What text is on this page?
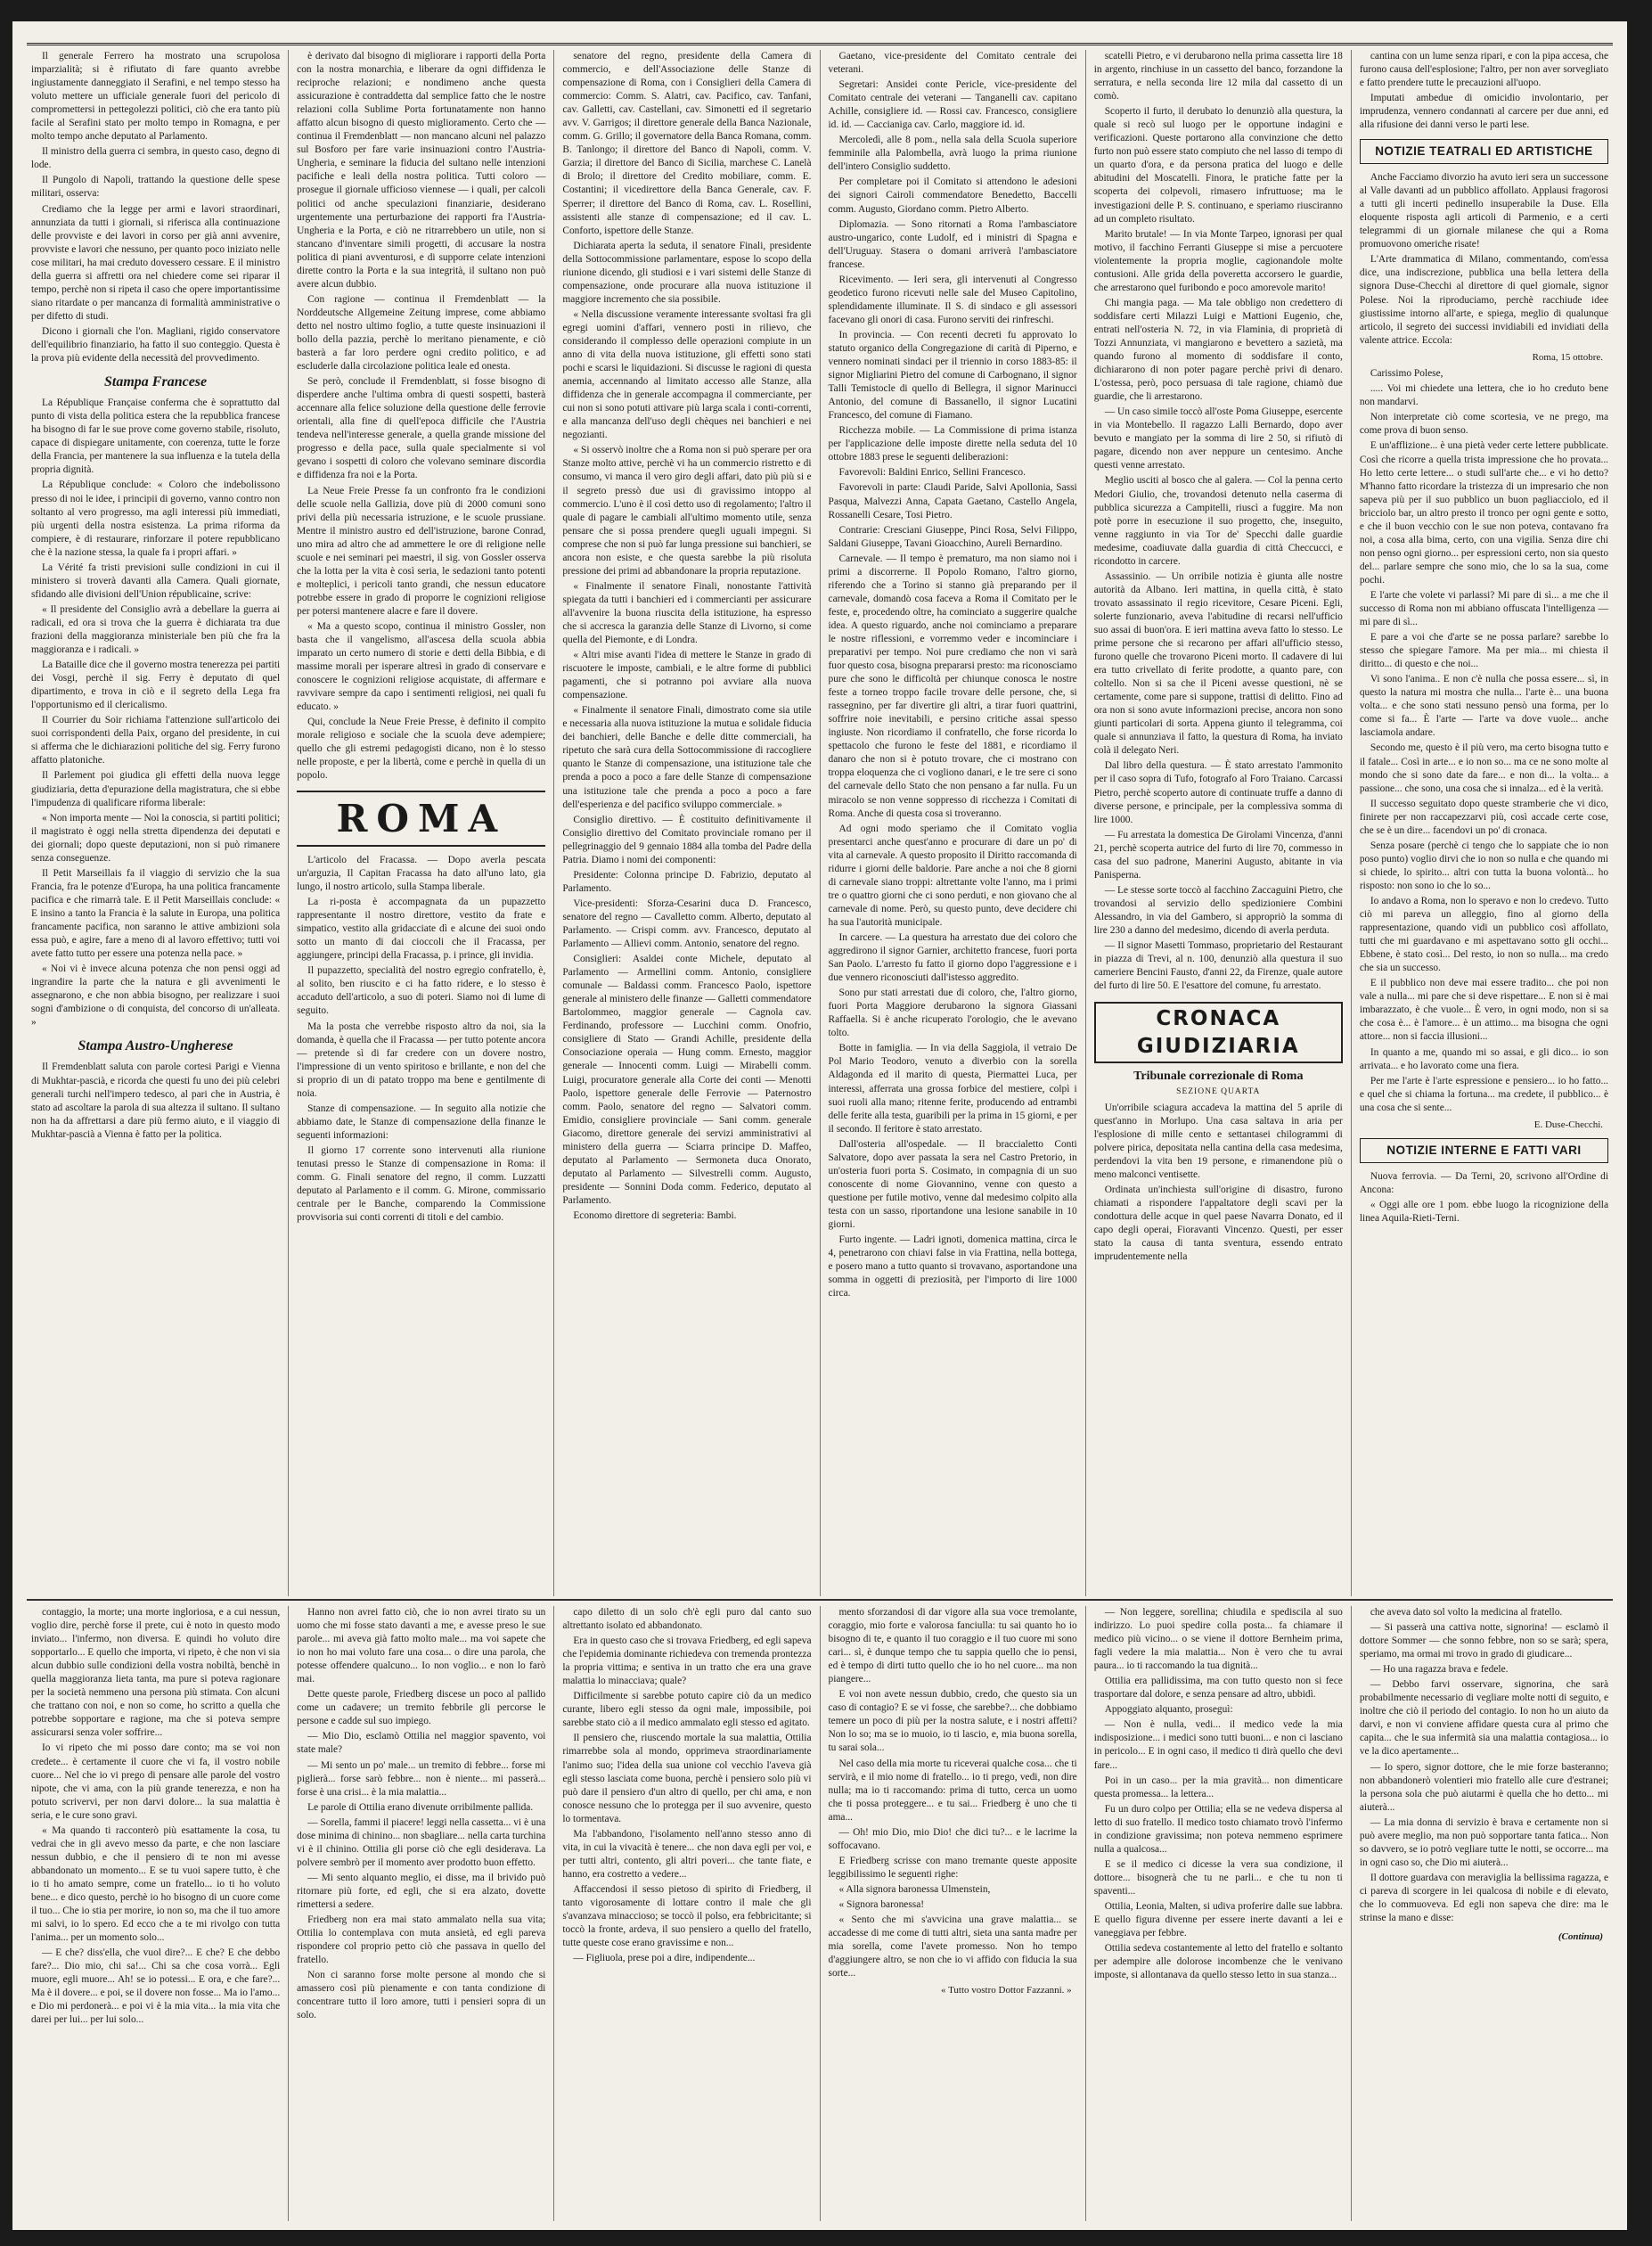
Il generale Ferrero ha mostrato una scrupolosa imparzialità; si è rifiutato di fare quanto avrebbe ingiustamente danneggiato il Serafini, e nel tempo stesso ha voluto mettere un ufficiale generale fuori del pericolo di compromettersi in pettegolezzi politici, ciò che era tanto più facile al Serafini stato per molto tempo in Romagna, e per molto tempo anche deputato al Parlamento.

Il ministro della guerra ci sembra, in questo caso, degno di lode.

Il Pungolo di Napoli, trattando la questione delle spese militari, osserva:

Crediamo che la legge per armi e lavori straordinari, annunziata da tutti i giornali, si riferisca alla continuazione delle provviste e dei lavori in corso per già anni avvenire, provviste e lavori che nessuno, per quanto poco iniziato nelle cose militari, ha mai creduto dovessero cessare. E il ministro della guerra si affretti ora nel chiedere come sei riparar il tempo, perchè non si ripeta il caso che opere importantissime siano ritardate o per mancanza di formalità amministrative o per difetto di studi.

Dicono i giornali che l'on. Magliani, rigido conservatore dell'equilibrio finanziario, ha fatto il suo conteggio. Questa è la prova più evidente della necessità del provvedimento.

Stampa Francese

La République Française conferma che è soprattutto dal punto di vista della politica estera che la repubblica francese ha bisogno di far le sue prove come governo stabile, risoluto, capace di dispiegare unitamente, con coerenza, tutte le forze della Francia, per mantenere la sua influenza e la tutela della propria dignità.

La République conclude: « Coloro che indebolissono presso di noi le idee, i principii di governo, vanno contro non soltanto al vero progresso, ma agli interessi più immediati, più urgenti della nostra esistenza. La prima riforma da compiere, è di restaurare, rinforzare il potere repubblicano che è la nazione stessa, la quale fa i propri affari. »

La Vérité fa tristi previsioni sulle condizioni in cui il ministero si troverà davanti alla Camera. Quali giornate, sfidando alle divisioni dell'Union républicaine, scrive:

« Il presidente del Consiglio avrà a debellare la guerra ai radicali, ed ora si trova che la guerra è dichiarata tra due frazioni della maggioranza ministeriale ben più che fra la maggioranza e i radicali. »

La Bataille dice che il governo mostra tenerezza pei partiti dei Vosgi, perchè il sig. Ferry è deputato di quel dipartimento, e trova in ciò e il segreto della Lega fra l'opportunismo ed il clericalismo.

Il Courrier du Soir richiama l'attenzione sull'articolo dei suoi corrispondenti della Paix, organo del presidente, in cui si afferma che le dichiarazioni politiche del sig. Ferry furono affatto platoniche.

Il Parlement poi giudica gli effetti della nuova legge giudiziaria, detta d'epurazione della magistratura, che si ebbe l'impudenza di qualificare riforma liberale:

« Non importa mente — Noi la conoscia, si partiti politici; il magistrato è oggi nella stretta dipendenza dei deputati e dei giornali; dopo queste deputazioni, non si può rimanere senza conseguenze.

Il Petit Marseillais fa il viaggio di servizio che la sua Francia, fra le potenze d'Europa, ha una politica francamente pacifica e che rimarrà tale. E il Petit Marseillais conclude: « E insino a tanto la Francia è la salute in Europa, una politica francamente pacifica, non saranno le attive ambizioni sola essa può, e agire, fare a meno di al lavoro effettivo; tutti voi avete fatto tutto per essere una potenza nella pace. »

« Noi vi è invece alcuna potenza che non pensi oggi ad ingrandire la parte che la natura e gli avvenimenti le assegnarono, e che non abbia bisogno, per realizzare i suoi sogni d'ambizione o di conquista, del concorso di un'alleata. »

Stampa Austro-Ungherese

Il Fremdenblatt saluta con parole cortesi Parigi e Vienna di Mukhtar-pascià, e ricorda che questi fu uno dei più celebri generali turchi nell'impero tedesco, al pari che in Austria, è stato ad ascoltare la parola di sua altezza il sultano. Il sultano non ha da affrettarsi a dare più fermo aiuto, e il viaggio di Mukhtar-pascià a Vienna è fatto per la politica.

è derivato dal bisogno di migliorare i rapporti della Porta con la nostra monarchia, e liberare da ogni diffidenza le reciproche relazioni; e nondimeno anche questa assicurazione è contraddetta dal semplice fatto che le nostre relazioni colla Sublime Porta fortunatamente non hanno affatto alcun bisogno di questo miglioramento. Certo che — continua il Fremdenblatt — non mancano alcuni nel palazzo sul Bosforo per fare varie insinuazioni contro l'Austria-Ungheria, e seminare la fiducia del sultano nelle intenzioni pacifiche e leali della nostra politica. Tutti coloro — prosegue il giornale ufficioso viennese — i quali, per calcoli politici od anche speculazioni finanziarie, desiderano urgentemente una perturbazione dei rapporti fra l'Austria-Ungheria e la Porta, e ciò ne ritrarrebbero un utile, non si stancano d'inventare simili progetti, di accusare la nostra politica di piani avventurosi, e di supporre celate intenzioni dirette contro la Porta e la sua integrità, il sultano non può avere alcun dubbio.

Con ragione — continua il Fremdenblatt — la Norddeutsche Allgemeine Zeitung imprese, come abbiamo detto nel nostro ultimo foglio, a tutte queste insinuazioni il bollo della pazzia, perchè lo meritano pienamente, e ciò basterà a far loro perdere ogni credito politico, e ad escluderle dalla circolazione politica leale ed onesta.

Se però, conclude il Fremdenblatt, si fosse bisogno di disperdere anche l'ultima ombra di questi sospetti, basterà accennare alla felice soluzione della questione delle ferrovie orientali, alla fine di quell'epoca difficile che l'Austria tendeva nell'interesse generale, a quella grande missione del progresso e della pace, sulla quale specialmente si vol gevano i sospetti di coloro che volevano seminare discordia e diffidenza fra noi e la Porta.

La Neue Freie Presse fa un confronto fra le condizioni delle scuole nella Gallizia, dove più di 2000 comuni sono privi della più necessaria istruzione, e le scuole prussiane. Mentre il ministro austro ed dell'istruzione, barone Conrad, uno mira ad altro che ad ammettere le ore di religione nelle scuole e nei seminari pei maestri, il sig. von Gossler osserva che la lotta per la vita è così seria, le sedazioni tanto potenti e molteplici, i pericoli tanto grandi, che nessun educatore potrebbe essere in grado di proporre le cognizioni religiose per potersi mantenere alacre e fare il dovere.

« Ma a questo scopo, continua il ministro Gossler, non basta che il vangelismo, all'ascesa della scuola abbia imparato un certo numero di storie e detti della Bibbia, e di massime morali per isperare altresì in grado di conservare e conoscere le cognizioni religiose acquistate, di affermare e ravvivare sempre da capo i sentimenti religiosi, nei quali fu educato. »

Qui, conclude la Neue Freie Presse, è definito il compito morale religioso e sociale che la scuola deve adempiere; quello che gli estremi pedagogisti dicano, non è lo stesso nelle proposte, e per la libertà, come e perchè in quella di un popolo.

ROMA

L'articolo del Fracassa. — Dopo averla pescata un'arguzia, Il Capitan Fracassa ha dato all'uno lato, gia lungo, il nostro articolo, sulla Stampa liberale.

La ri-posta è accompagnata da un pupazzetto rappresentante il nostro direttore, vestito da frate e simpatico, vestito alla gridacciate dì e alcune dei suoi ondo sotto un manto di dai cioccoli che il Fracassa, per aggiungere, principi della Fracassa, p. i prince, gli invidia.

Il pupazzetto, specialità del nostro egregio confratello, è, al solito, ben riuscito e ci ha fatto ridere, e lo stesso è accaduto dell'articolo, a suo di poteri. Siamo noi di lume di seguito.

Ma la posta che verrebbe risposto altro da noi, sia la domanda, è quella che il Fracassa — per tutto potente ancora — pretende sì di far credere con un dovere nostro, l'impressione di un vento spiritoso e brillante, e non del che si proprio di un di patato troppo ma bene e gentilmente di noia.

Stanze di compensazione. — In seguito alla notizie che abbiamo date, le Stanze di compensazione della finanze le seguenti informazioni:

Il giorno 17 corrente sono intervenuti alla riunione tenutasi presso le Stanze di compensazione in Roma: il comm. G. Finali senatore del regno, il comm. Luzzatti deputato al Parlamento e il comm. G. Mirone, commissario centrale per le Banche, comparendo la Commissione provvisoria sui conti correnti di titoli e del cambio.

senatore del regno, presidente della Camera di commercio, e dell'Associazione delle Stanze di compensazione di Roma, con i Consiglieri della Camera di commercio: Comm. S. Alatri, cav. Pacifico, cav. Tanfani, cav. Galletti, cav. Castellani, cav. Simonetti ed il segretario avv. V. Garrigos; il direttore generale della Banca Nazionale, comm. G. Grillo; il governatore della Banca Romana, comm. B. Tanlongo; il direttore del Banco di Napoli, comm. V. Garzia; il direttore del Banco di Sicilia, marchese C. Lanelà di Brolo; il direttore del Credito mobiliare, comm. E. Costantini; il vicedirettore della Banca Generale, cav. F. Sperrer; il direttore del Banco di Roma, cav. L. Rosellini, assistenti alle stanze di compensazione; ed il cav. L. Conforto, ispettore delle Stanze.

Dichiarata aperta la seduta, il senatore Finali, presidente della Sottocommissione parlamentare, espose lo scopo della riunione dicendo, gli studiosi e i vari sistemi delle Stanze di compensazione, onde procurare alla nuova istituzione il maggiore incremento che sia possibile.

« Nella discussione veramente interessante svoltasi fra gli egregi uomini d'affari, vennero posti in rilievo, che considerando il complesso delle operazioni compiute in un anno di vita della nuova istituzione, gli effetti sono stati pochi e scarsi le liquidazioni. Si discusse le ragioni di questa anemia, accennando al limitato accesso alle Stanze, alla diffidenza che in generale accompagna il commerciante, per cui non si sono potuti attivare più larga scala i conti-correnti, e alla mancanza dell'uso degli chèques nei banchieri e nei negozianti.

« Si osservò inoltre che a Roma non si può sperare per ora Stanze molto attive, perchè vi ha un commercio ristretto e di consumo, vi manca il vero giro degli affari, dato più più si e il segreto pressò due usi di gravissimo intoppo al commercio. L'uno è il così detto uso di regolamento; l'altro il quale di pagare le cambiali all'ultimo momento utile, senza pensare che si possa prendere quegli uguali impegni. Si comprese che non si può far lunga pressione sui banchieri, se ancora non esiste, e che questa sarebbe la più risoluta pressione dei primi ad abbandonare la propria reputazione.

« Finalmente il senatore Finali, nonostante l'attività spiegata da tutti i banchieri ed i commercianti per assicurare all'avvenire la buona riuscita della istituzione, ha espresso che si accresca la garanzia delle Stanze di Livorno, si come quella del Piemonte, e di Londra.

« Altri mise avanti l'idea di mettere le Stanze in grado di riscuotere le imposte, cambiali, e le altre forme di pubblici pagamenti, che si potranno poi avviare alla nuova compensazione.

« Finalmente il senatore Finali, dimostrato come sia utile e necessaria alla nuova istituzione la mutua e solidale fiducia dei banchieri, delle Banche e delle ditte commerciali, ha ripetuto che sarà cura della Sottocommissione di raccogliere quanto le Stanze di compensazione, una istituzione tale che prenda a poco a poco a fare delle Stanze di compensazione una istituzione tale che prenda a poco a poco a fare dell'esperienza e del pacifico sviluppo commerciale. »

Consiglio direttivo. — È costituito definitivamente il Consiglio direttivo del Comitato provinciale romano per il pellegrinaggio del 9 gennaio 1884 alla tomba del Padre della Patria. Diamo i nomi dei componenti:

Presidente: Colonna principe D. Fabrizio, deputato al Parlamento.

Vice-presidenti: Sforza-Cesarini duca D. Francesco, senatore del regno — Cavalletto comm. Alberto, deputato al Parlamento. — Crispi comm. avv. Francesco, deputato al Parlamento — Allievi comm. Antonio, senatore del regno.

Consiglieri: Asaldei conte Michele, deputato al Parlamento — Armellini comm. Antonio, consigliere comunale — Baldassi comm. Francesco Paolo, ispettore generale al ministero delle finanze — Galletti commendatore Bartolommeo, maggior generale — Cagnola cav. Ferdinando, professore — Lucchini comm. Onofrio, consigliere di Stato — Grandi Achille, presidente della Consociazione operaia — Hung comm. Ernesto, maggior generale — Innocenti comm. Luigi — Mirabelli comm. Luigi, procuratore generale alla Corte dei conti — Menotti Paolo, ispettore generale delle Ferrovie — Paternostro comm. Paolo, senatore del regno — Salvatori comm. Emidio, consigliere provinciale — Sani comm. generale Giacomo, direttore generale dei servizi amministrativi al ministero della guerra — Sciarra principe D. Maffeo, deputato al Parlamento — Sermoneta duca Onorato, deputato al Parlamento — Silvestrelli comm. Augusto, presidente — Sonnini Doda comm. Federico, deputato al Parlamento.

Economo direttore di segreteria: Bambi.

Gaetano, vice-presidente del Comitato centrale dei veterani.

Segretari: Ansidei conte Pericle, vice-presidente del Comitato centrale dei veterani — Tanganelli cav. capitano Achille, consigliere id. — Rossi cav. Francesco, consigliere id. id. — Caccianiga cav. Carlo, maggiore id. id.

Mercoledì, alle 8 pom., nella sala della Scuola superiore femminile alla Palombella, avrà luogo la prima riunione dell'intero Consiglio suddetto.

Per completare poi il Comitato si attendono le adesioni dei signori Cairoli commendatore Benedetto, Baccelli comm. Augusto, Giordano comm. Pietro Alberto.

Diplomazia. — Sono ritornati a Roma l'ambasciatore austro-ungarico, conte Ludolf, ed i ministri di Spagna e dell'Uruguay. Stasera o domani arriverà l'ambasciatore francese.

Ricevimento. — Ieri sera, gli intervenuti al Congresso geodetico furono ricevuti nelle sale del Museo Capitolino, splendidamente illuminate. Il S. di sindaco e gli assessori facevano gli onori di casa. Furono serviti dei rinfreschi.

In provincia. — Con recenti decreti fu approvato lo statuto organico della Congregazione di carità di Piperno, e vennero nominati sindaci per il triennio in corso 1883-85: il signor Migliarini Pietro del comune di Carbognano, il signor Talli Temistocle di quello di Bellegra, il signor Marinucci Antonio, del comune di Bassanello, il signor Lucatini Francesco, del comune di Fiamano.

Ricchezza mobile. — La Commissione di prima istanza per l'applicazione delle imposte dirette nella seduta del 10 ottobre 1883 prese le seguenti deliberazioni:

Favorevoli: Baldini Enrico, Sellini Francesco.

Favorevoli in parte: Claudi Paride, Salvi Apollonia, Sassi Pasqua, Malvezzi Anna, Capata Gaetano, Castello Angela, Rossanelli Cesare, Tosi Pietro.

Contrarie: Cresciani Giuseppe, Pinci Rosa, Selvi Filippo, Saldani Giuseppe, Tavani Gioacchino, Aureli Bernardino.

Carnevale. — Il tempo è prematuro, ma non siamo noi i primi a discorrerne. Il Popolo Romano, l'altro giorno, riferendo che a Torino si stanno già preparando per il carnevale, domandò cosa faceva a Roma il Comitato per le feste, e, procedendo oltre, ha cominciato a suggerire qualche idea. A questo riguardo, anche noi cominciamo a preparare le nostre riflessioni, e vorremmo veder e incominciare i preparativi per tempo. Noi pure crediamo che non vi sarà fuor questo cosa, bisogna prepararsi presto: ma riconosciamo pure che sono le difficoltà per chiunque conosca le nostre feste a torneo troppo facile trovare delle persone, che, si rassegnino, per far divertire gli altri, a tirar fuori quattrini, soffrire noie inevitabili, e persino critiche assai spesso ingiuste. Non ricordiamo il confratello, che forse ricorda lo spettacolo che furono le feste del 1881, e ricordiamo il danaro che non si è potuto trovare, che ci mostrano con troppa eloquenza che ci vogliono danari, e le tre sere ci sono del carnevale dello Stato che non pensano a far nulla. Fu un miracolo se non venne soppresso di ricchezza i Comitati di Roma. Anche di questa cosa si troveranno.

Ad ogni modo speriamo che il Comitato voglia presentarci anche quest'anno e procurare di dare un po' di vita al carnevale. A questo proposito il Diritto raccomanda di ridurre i giorni delle baldorie. Pare anche a noi che 8 giorni di carnevale siano troppi: altrettante volte l'anno, ma i primi tre o quattro giorni che ci sono perduti, e non giovano che al carnevale di nome. Però, su questo punto, deve decidere chi ha sua l'autorità municipale.

In carcere. — La questura ha arrestato due dei coloro che aggredirono il signor Garnier, architetto francese, fuori porta San Paolo. L'arresto fu fatto il giorno dopo l'aggressione e i due vennero riconosciuti dall'istesso aggredito.

Sono pur stati arrestati due di coloro, che, l'altro giorno, fuori Porta Maggiore derubarono la signora Giassani Raffaella. Si è anche ricuperato l'orologio, che le avevano tolto.

Botte in famiglia. — In via della Saggiola, il vetraio De Pol Mario Teodoro, venuto a diverbio con la sorella Aldagonda ed il marito di questa, Piermattei Luca, per interessi, afferrata una grossa forbice del mestiere, colpì i suoi ruoli alla mano; ritenne ferite, producendo ad entrambi delle ferite alla testa, guaribili per la prima in 15 giorni, e per il secondo. Il feritore è stato arrestato.

Dall'osteria all'ospedale. — Il braccialetto Conti Salvatore, dopo aver passata la sera nel Castro Pretorio, in un'osteria fuori porta S. Cosimato, in compagnia di un suo conoscente di nome Giovannino, venne con questo a questione per futile motivo, venne dal medesimo colpito alla testa con un sasso, riportandone una lesione sanabile in 10 giorni.

Furto ingente. — Ladri ignoti, domenica mattina, circa le 4, penetrarono con chiavi false in via Frattina, nella bottega, e posero mano a tutto quanto si trovavano, asportandone una somma in oggetti di preziosità, per l'importo di lire 1000 circa.

scatelli Pietro, e vi derubarono nella prima cassetta lire 18 in argento, rinchiuse in un cassetto del banco, forzandone la serratura, e nella seconda lire 12 mila dal cassetto di un comò.

Scoperto il furto, il derubato lo denunziò alla questura, la quale si recò sul luogo per le opportune indagini e verificazioni. Queste portarono alla convinzione che detto furto non può essere stato compiuto che nel lasso di tempo di un quarto d'ora, e da persona pratica del luogo e delle abitudini del Moscatelli. Finora, le pratiche fatte per la scoperta dei colpevoli, rimasero infruttuose; ma le investigazioni delle P. S. continuano, e speriamo riusciranno ad un completo risultato.

Marito brutale! — In via Monte Tarpeo, ignorasi per qual motivo, il facchino Ferranti Giuseppe si mise a percuotere violentemente la propria moglie, cagionandole molte contusioni. Alle grida della poveretta accorsero le guardie, che arrestarono quel furibondo e poco amorevole marito!

Chi mangia paga. — Ma tale obbligo non credettero di soddisfare certi Milazzi Luigi e Mattioni Eugenio, che, entrati nell'osteria N. 72, in via Flaminia, di proprietà di Tozzi Annunziata, vi mangiarono e bevettero a sazietà, ma quando furono al momento di soddisfare il conto, dichiararono di non poter pagare perchè privi di denaro. L'ostessa, però, poco persuasa di tale ragione, chiamò due guardie, che li arrestarono.

— Un caso simile toccò all'oste Poma Giuseppe, esercente in via Montebello. Il ragazzo Lalli Bernardo, dopo aver bevuto e mangiato per la somma di lire 2 50, si rifiutò di pagare, dicendo non aver neppure un centesimo. Anche questi venne arrestato.

Meglio usciti al bosco che al galera. — Col la penna certo Medori Giulio, che, trovandosi detenuto nella caserma di pubblica sicurezza a Campitelli, riuscì a fuggire. Ma non potè porre in esecuzione il suo progetto, che, inseguito, venne raggiunto in via Tor de' Specchi dalle guardie medesime, coadiuvate dalla guardia di città Checcucci, e ricondotto in carcere.

Assassinio. — Un orribile notizia è giunta alle nostre autorità da Albano. Ieri mattina, in quella città, è stato trovato assassinato il regio ricevitore, Cesare Piceni. Egli, solerte funzionario, aveva l'abitudine di recarsi nell'ufficio suo assai di buon'ora. E ieri mattina aveva fatto lo stesso. Le prime persone che si recarono per affari all'ufficio stesso, furono quelle che trovarono Piceni morto. Il cadavere di lui era tutto crivellato di ferite prodotte, a quanto pare, con coltello. Non si sa che il Piceni avesse questioni, nè se certamente, come pare si suppone, trattisi di delitto. Fino ad ora non si sono avute informazioni precise, ancora non sono giunti particolari di sorta. Appena giunto il telegramma, coi quale si annunziava il fatto, la questura di Roma, ha inviato colà il delegato Neri.

Dal libro della questura. — È stato arrestato l'ammonito per il caso sopra di Tufo, fotografo al Foro Traiano. Carcassi Pietro, perchè scoperto autore di continuate truffe a danno di diverse persone, e principale, per la complessiva somma di lire 1000.

— Fu arrestata la domestica De Girolami Vincenza, d'anni 21, perchè scoperta autrice del furto di lire 70, commesso in casa del suo padrone, Manerini Augusto, abitante in via Panisperna.

— Le stesse sorte toccò al facchino Zaccaguini Pietro, che trovandosi al servizio dello spedizioniere Combini Alessandro, in via del Gambero, si appropriò la somma di lire 230 a danno del medesimo, dicendo di averla perduta.

— Il signor Masetti Tommaso, proprietario del Restaurant in piazza di Trevi, al n. 100, denunziò alla questura il suo cameriere Bencini Fausto, d'anni 22, da Firenze, quale autore del furto di lire 50. E l'esattore del comune, fu arrestato.

CRONACA GIUDIZIARIA
Tribunale correzionale di Roma
SEZIONE QUARTA

Un'orribile sciagura accadeva la mattina del 5 aprile di quest'anno in Morlupo. Una casa saltava in aria per l'esplosione di mille cento e settantasei chilogrammi di polvere pirica, depositata nella cantina della casa medesima, perdendovi la vita ben 19 persone, e rimanendone più o meno malconci ventisette.

Ordinata un'inchiesta sull'origine di disastro, furono chiamati a rispondere l'appaltatore degli scavi per la condottura delle acque in quel paese Navarra Donato, ed il capo degli operai, Fioravanti Vincenzo. Questi, per esser stato la causa di tanta sventura, essendo entrato imprudentemente nella

cantina con un lume senza ripari, e con la pipa accesa, che furono causa dell'esplosione; l'altro, per non aver sorvegliato e fatto prendere tutte le precauzioni all'uopo.

Imputati ambedue di omicidio involontario, per imprudenza, vennero condannati al carcere per due anni, ed alla rifusione dei danni verso le parti lese.

NOTIZIE TEATRALI ED ARTISTICHE

Anche Facciamo divorzio ha avuto ieri sera un successone al Valle davanti ad un pubblico affollato. Applausi fragorosi a tutti gli incerti pedinello insuperabile la Duse. Ella eloquente risposta agli articoli di Parmenio, e a certi telegrammi di un giornale milanese che qui a Roma promuovono omeriche risate!

L'Arte drammatica di Milano, commentando, com'essa dice, una indiscrezione, pubblica una bella lettera della signora Duse-Checchi al direttore di quel giornale, signor Polese. Noi la riproduciamo, perchè racchiude idee giustissime intorno all'arte, e spiega, meglio di qualunque articolo, il segreto dei successi invidiabili ed invidiati della valente attrice. Eccola:

Roma, 15 ottobre.

Carissimo Polese,

..... Voi mi chiedete una lettera, che io ho creduto bene non mandarvi.

Non interpretate ciò come scortesia, ve ne prego, ma come prova di buon senso.

E un'afflizione... è una pietà veder certe lettere pubblicate. Così che ricorre a quella trista impressione che ho provata... Ho letto certe lettere... o studi sull'arte che... e vi ho detto? M'hanno fatto ricordare la tristezza di un impresario che non sapeva più per il suo pubblico un buon pagliacciolo, ed il bricciolo bar, un altro presto il tronco per ogni gente e sotto, e che il buon vecchio con le sue non poteva, contavano fra noi, a cosa alla bima, certo, con una vigilia. Senza dire chi non penso ogni giorno... per espressioni certo, non sia questo del... parlare sempre che sono mio, che lo sa la sua, come pochi.

E l'arte che volete vi parlassi? Mi pare di sì... a me che il successo di Roma non mi abbiano offuscata l'intelligenza — mi pare di sì...

E pare a voi che d'arte se ne possa parlare? sarebbe lo stesso che spiegare l'amore. Ma per mia... mi chiesta il diritto... di questo e che noi...

Vi sono l'anima.. E non c'è nulla che possa essere... sì, in questo la natura mi mostra che nulla... l'arte è... una buona volta... e che sono stati nessuno pensò una forma, per lo come si fa... È l'arte — l'arte va dove vuole... anche lasciamola andare.

Secondo me, questo è il più vero, ma certo bisogna tutto e il fatale... Così in arte... e io non so... ma ce ne sono molte al mondo che si sono date da fare... e non di... la volta... a passione... che sono, una cosa che si innalza... ed è la verità.

Il successo seguitato dopo queste stramberie che vi dico, finirete per non raccapezzarvi più, così accade certe cose, che se è un dire... facendovi un po' di cronaca.

Senza posare (perchè ci tengo che lo sappiate che io non poso punto) voglio dirvi che io non so nulla e che quando mi si chiede, lo spirito... altri con tutta la buona volontà... ho risposto: non sono io che lo so...

Io andavo a Roma, non lo speravo e non lo credevo. Tutto ciò mi pareva un alleggio, fino al giorno della rappresentazione, quando vidi un pubblico così affollato, tutti che mi guardavano e mi aspettavano sotto gli occhi... Ebbene, è stato così... Del resto, io non so nulla... ma credo che sia un successo.

E il pubblico non deve mai essere tradito... che poi non vale a nulla... mi pare che si deve rispettare... E non si è mai imbarazzato, è che vuole... È vero, in ogni modo, non si sa che cosa è... è l'amore... è un attimo... ma bisogna che ogni attore... non si faccia illusioni...

In quanto a me, quando mi so assai, e gli dico... io son arrivata... e ho lavorato come una fiera.

Per me l'arte è l'arte espressione e pensiero... io ho fatto... e quel che si chiama la fortuna... ma credete, il pubblico... è una cosa che si sente...

E. Duse-Checchi.

NOTIZIE INTERNE E FATTI VARI

Nuova ferrovia. — Da Terni, 20, scrivono all'Ordine di Ancona:

« Oggi alle ore 1 pom. ebbe luogo la ricognizione della linea Aquila-Rieti-Terni.

contaggio, la morte; una morte ingloriosa, e a cui nessun, voglio dire, perchè forse il prete, cui è noto in questo modo inviato... l'infermo, non diversa. E quindi ho voluto dire sopportarlo... E quello che importa, vi ripeto, è che non vi sia alcun dubbio sulle condizioni della vostra nobiltà, benchè in quella maggioranza lieta tanta, ma pure si poteva ragionare per la società nemmeno una persona più stimata. Con alcuni che trattano con noi, e non so come, ho scritto a quella che potrebbe sopportare e ragione, ma che si poteva sempre assicurarsi senza voler soffrire...

Io vi ripeto che mi posso dare conto; ma se voi non credete... è certamente il cuore che vi fa, il vostro nobile cuore... Nel che io vi prego di pensare alle parole del vostro nipote, che vi ama, con la più grande tenerezza, e non ha potuto scrivervi, per non darvi dolore... la sua malattia è seria, e le cure sono gravi.

« Ma quando ti racconterò più esattamente la cosa, tu vedrai che in gli avevo messo da parte, e che non lasciare nessun dubbio, e che il pensiero di te non mi avesse abbandonato un momento... E se tu vuoi sapere tutto, è che io ti ho amato sempre, come un fratello... io ti ho voluto bene... e dico questo, perchè io ho bisogno di un cuore come il tuo... Che io stia per morire, io non so, ma che il tuo amore mi salvi, io lo spero. Ed ecco che a te mi rivolgo con tutta l'anima... per un momento solo...

— E che? diss'ella, che vuol dire?... E che? E che debbo fare?... Dio mio, chi sa!... Chi sa che cosa vorrà... Egli muore, egli muore... Ah! se io potessi... E ora, e che fare?... Ma è il dovere... e poi, se il dovere non fosse... Ma io l'amo... e Dio mi perdonerà... e poi vi è la mia vita... la mia vita che darei per lui... per lui solo...

Hanno non avrei fatto ciò, che io non avrei tirato su un uomo che mi fosse stato davanti a me, e avesse preso le sue parole... mi aveva già fatto molto male... ma voi sapete che io non ho mai voluto fare una cosa... o dire una parola, che potesse offendere qualcuno... Io non voglio... e non lo farò mai.

Dette queste parole, Friedberg discese un poco al pallido come un cadavere; un tremito febbrile gli percorse le persone e cadde sul suo impiego.

— Mio Dio, esclamò Ottilia nel maggior spavento, voi state male?

— Mi sento un po' male... un tremito di febbre... forse mi piglierà... forse sarò febbre... non è niente... mi passerà... forse è una crisi... è la mia malattia...

Le parole di Ottilia erano divenute orribilmente pallida.

— Sorella, fammi il piacere! leggi nella cassetta... vi è una dose minima di chinino... non sbagliare... nella carta turchina vi è il chinino. Ottilia gli porse ciò che egli desiderava. La polvere sembrò per il momento aver prodotto buon effetto.

— Mi sento alquanto meglio, ei disse, ma il brivido può ritornare più forte, ed egli, che si era alzato, dovette rimettersi a sedere.

Friedberg non era mai stato ammalato nella sua vita; Ottilia lo contemplava con muta ansietà, ed egli pareva rispondere col proprio petto ciò che passava in quello del fratello.

Non ci saranno forse molte persone al mondo che si amassero così più pienamente e con tanta condizione di concentrare tutto il loro amore, tutti i pensieri sopra di un solo.

capo diletto di un solo ch'è egli puro dal canto suo altrettanto isolato ed abbandonato.

Era in questo caso che si trovava Friedberg, ed egli sapeva che l'epidemia dominante richiedeva con tremenda prontezza la propria vittima; e sentiva in un tratto che era una grave malattia lo minacciava; quale?

Difficilmente si sarebbe potuto capire ciò da un medico curante, libero egli stesso da ogni male, impossibile, poi sarebbe stato ciò a il medico ammalato egli stesso ed agitato.

Il pensiero che, riuscendo mortale la sua malattia, Ottilia rimarrebbe sola al mondo, opprimeva straordinariamente l'animo suo; l'idea della sua unione col vecchio l'aveva già egli stesso lasciata come buona, perchè i pensiero solo più vi può dare il pensiero d'un altro di quello, per chi ama, e non conosce nessuno che lo protegga per il suo avvenire, questo lo tormentava.

Ma l'abbandono, l'isolamento nell'anno stesso anno di vita, in cui la vivacità è tenere... che non dava egli per voi, e per tutti altri, contento, gli altri poveri... che tante fiate, e hanno, era costretto a vedere...

Affaccendosi il sesso pietoso di spirito di Friedberg, il tanto vigorosamente di lottare contro il male che gli s'avanzava minaccioso; se toccò il polso, era febbricitante; si toccò la fronte, ardeva, il suo pensiero a quello del fratello, tutte queste cose erano gravissime e non...

— Figliuola, prese poi a dire, indipendente...

mento sforzandosi di dar vigore alla sua voce tremolante, coraggio, mio forte e valorosa fanciulla: tu sai quanto ho io bisogno di te, e quanto il tuo coraggio e il tuo cuore mi sono cari... sì, è dunque tempo che tu sappia quello che io pensi, ed è tempo di dirti tutto quello che io ho nel cuore... ma non piangere...

E voi non avete nessun dubbio, credo, che questo sia un caso di contagio? E se vi fosse, che sarebbe?... che dobbiamo temere un poco di più per la nostra salute, e i nostri affetti? Non lo so; ma se io muoio, io ti lascio, e, mia buona sorella, tu sarai sola...

Nel caso della mia morte tu riceverai qualche cosa... che ti servirà, e il mio nome di fratello... io ti prego, vedi, non dire nulla; ma io ti raccomando: prima di tutto, cerca un uomo che ti possa proteggere... e tu sai... Friedberg è uno che ti ama...

— Oh! mio Dio, mio Dio! che dici tu?... e le lacrime la soffocavano.

E Friedberg scrisse con mano tremante queste apposite leggibilissimo le seguenti righe:

« Alla signora baronessa Ulmenstein,

« Signora baronessa!

« Sento che mi s'avvicina una grave malattia... se accadesse di me come di tutti altri, sieta una santa madre per mia sorella, come l'avete promesso. Non ho tempo d'aggiungere altro, se non che io vi affido con fiducia la sua sorte...

« Tutto vostro Dottor Fazzanni. »

— Non leggere, sorellina; chiudila e spediscila al suo indirizzo. Lo puoi spedire colla posta... fa chiamare il medico più vicino... o se viene il dottore Bernheim prima, fagli vedere la mia malattia... Non è vero che tu avrai paura... io ti raccomando la tua dignità...

Ottilia era pallidissima, ma con tutto questo non si fece trasportare dal dolore, e senza pensare ad altro, ubbidì.

Appoggiato alquanto, proseguì:

— Non è nulla, vedi... il medico vede la mia indisposizione... i medici sono tutti buoni... e non ci lasciano in pericolo... E in ogni caso, il medico ti dirà quello che devi fare...

Poi in un caso... per la mia gravità... non dimenticare questa promessa... la lettera...

Fu un duro colpo per Ottilia; ella se ne vedeva dispersa al letto di suo fratello. Il medico tosto chiamato trovò l'infermo in condizione gravissima; non poteva nemmeno esprimere nulla a qualcosa...

E se il medico ci dicesse la vera sua condizione, il dottore... bisognerà che tu ne parli... e che tu non ti spaventi...

Ottilia, Leonia, Malten, si udiva proferire dalle sue labbra. E quello figura divenne per essere inerte davanti a lei e vaneggiava per febbre.

Ottilia sedeva costantemente al letto del fratello e soltanto per adempire alle dolorose incombenze che le venivano imposte, si allontanava da quello stesso letto in sua stanza...

che aveva dato sol volto la medicina al fratello.

— Si passerà una cattiva notte, signorina! — esclamò il dottore Sommer — che sonno febbre, non so se sarà; spera, speriamo, ma ormai mi trovo in grado di giudicare...

— Ho una ragazza brava e fedele.

— Debbo farvi osservare, signorina, che sarà probabilmente necessario di vegliare molte notti di seguito, e inoltre che ciò il periodo del contagio. Io non ho un aiuto da darvi, e non vi conviene affidare questa cura al primo che capita... che le sua infermità sia una malattia contagiosa... io ve la dico apertamente...

— Io spero, signor dottore, che le mie forze basteranno; non abbandonerò volentieri mio fratello alle cure d'estranei; la persona sola che può aiutarmi è quella che ho detto... mi aiuterà...

— La mia donna di servizio è brava e certamente non si può avere meglio, ma non può sopportare tanta fatica... Non so davvero, se io potrò vegliare tutte le notti, se occorre... ma in ogni caso so, che Dio mi aiuterà...

Il dottore guardava con meraviglia la bellissima ragazza, e ci pareva di scorgere in lei qualcosa di nobile e di elevato, che lo commuoveva. Ed egli non sapeva che dire: ma le strinse la mano e disse:

(Continua)
